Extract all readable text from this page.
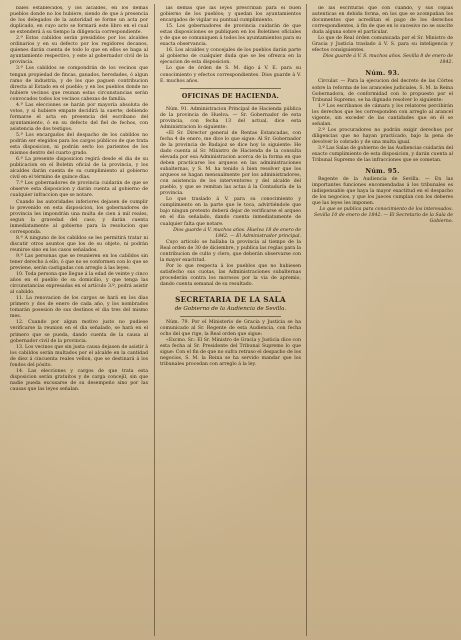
bales establecidos, y los alcaldes, en los demás pueblos donde no los hubiere, siendo de que á presencia de los delegados de la autoridad se forme un acta por duplicado, en cuyo acto se formará este libro en el cual se extenderá á su tiempo la diligencia correspondiente.

2.ª Estos cabildos serán presididos por los alcaldes ordinarios y en su defecto por los regidores decanos, quienes darán cuenta de todo lo que en ellos se haga al ayuntamiento respectivo, y este al gobernador civil de la provincia.

3.ª Los cabildos se compondrán de los vecinos que tengan propiedad de fincas, ganados, heredades, ó algun ramo de industria, y de los que paguen contribucion directa al Estado en el pueblo; y en los pueblos donde no hubiere vecinos que reunan estas circunstancias serán convocados todos los vecinos cabezas de familia.

4.ª Las elecciones se harán por mayoría absoluta de votos, y si hubiere empate decidirá la suerte; debiendo formarse el acta en presencia del escribano del ayuntamiento, ó en su defecto del fiel de fechos, con asistencia de dos testigos.

5.ª Los encargados del despacho de los cabildos no podrán ser elegidos para los cargos públicos de que trata esta disposicion, ni podrán serlo los parientes de los mismos dentro del cuarto grado.

6.ª La presente disposicion regirá desde el dia de su publicacion en el Boletin oficial de la provincia, y los alcaldes darán cuenta de su cumplimiento al gobierno civil en el término de quince dias.

7.ª Los gobernadores de provincia cuidarán de que se observe esta disposicion y darán cuenta al gobierno de cualquier infraccion que se notare.

Cuando las autoridades inferiores dejasen de cumplir lo prevenido en esta disposicion, los gobernadores de provincia les impondrán una multa de cien á mil reales, segun la gravedad del caso, y darán cuenta inmediatamente al gobierno para la resolucion que corresponda.

8.ª A ninguno de los cabildos se les permitirá tratar ni discutir otros asuntos que los de su objeto, ni podrán reunirse sino en los casos señalados.

9.ª Las personas que se reunieren en los cabildos sin tener derecho á ello, ó que no se conformen con lo que se previene, serán castigadas con arreglo á las leyes.

10. Toda persona que llegue á la edad de veinte y cinco años en el pueblo de su domicilio, y que tenga las circunstancias expresadas en el artículo 3.º, podrá asistir al cabildo.

11. La renovacion de los cargos se hará en los dias primero y dos de enero de cada año, y los nombrados tomarán posesion de sus destinos el dia tres del mismo mes.

12. Cuando por algun motivo justo no pudiese verificarse la reunion en el dia señalado, se hará en el primero que se pueda, dando cuenta de la causa al gobernador civil de la provincia.

13. Los vecinos que sin justa causa dejasen de asistir á los cabildos serán multados por el alcalde en la cantidad de diez á cincuenta reales vellon, que se destinará á los fondos del pósito.

14. Las elecciones y cargos de que trata esta disposicion serán gratuitos y de carga concejil, sin que nadie pueda excusarse de su desempeño sino por las causas que las leyes señalan.

las demás que las leyes prescriban para el buen gobierno de los pueblos; y quedan los ayuntamientos encargados de vigilar su puntual cumplimiento.

15. Los gobernadores de provincia cuidarán de que estas disposiciones se publiquen en los Boletines oficiales y de que se comuniquen á todos los ayuntamientos para su exacta observancia.

16. Los alcaldes y concejales de los pueblos darán parte al gobierno de cualquier duda que se les ofrezca en la ejecucion de esta disposicion.

Lo que de órden de S. M. digo á V. E. para su conocimiento y efectos correspondientes. Dios guarde á V. E. muchos años.

OFICINAS DE HACIENDA.

Núm. 91. Administracion Principal de Hacienda pública de la provincia de Huelva. — Sr. Gobernador de esta provincia, con fecha 13 del actual, dice esta Administracion lo siguiente:

«El Sr. Director general de Rentas Estancadas, con fecha 4 de enero, me dice lo que sigue: Al Sr. Gobernador de la provincia de Badajoz se dice hoy lo siguiente: He dado cuenta al Sr. Ministro de Hacienda de la consulta elevada por esa Administracion acerca de la forma en que deben practicarse los arqueos en las administraciones subalternas, y S. M. ha tenido á bien resolver que los arqueos se hagan mensualmente por los administradores, con asistencia de los interventores y del alcalde del pueblo, y que se remitan las actas á la Contaduría de la provincia.

Lo que traslado á V. para su conocimiento y cumplimiento en la parte que le toca, advirtiéndole que bajo ningun pretexto deberá dejar de verificarse el arqueo en el dia señalado, dando cuenta inmediatamente de cualquier falta que notare.

Dios guarde á V. muchos años. Huelva 18 de enero de 1842. — El Administrador principal.

Cuyo articulo se hallaba la provincia al tiempo de la Real orden de 30 de diciembre, y publica las reglas para la contribucion de culto y clero, que deberán observarse con la mayor exactitud.

Por lo que respecta á los pueblos que no hubiesen satisfecho sus cuotas, las Administraciones subalternas procederán contra los morosos por la via de apremio, dando cuenta semanal de su resultado.

SECRETARIA DE LA SALA

de Gobierno de la Audiencia de Sevilla.

Núm. 79. Por el Ministerio de Gracia y Justicia se ha comunicado al Sr. Regente de esta Audiencia, con fecha ocho del que rige, la Real orden que sigue:

«Excmo. Sr.: El Sr. Ministro de Gracia y Justicia dice con esta fecha al Sr. Presidente del Tribunal Supremo lo que sigue: Con el fin de que no sufra retraso el despacho de los negocios, S. M. la Reina se ha servido mandar que los tribunales procedan con arreglo á la ley.

de las escrituras que con cuando, y sus copias autenticas en debida forma, en los que se acompañan los documentos que acreditan el pago de los derechos correspondientes, á fin de que en lo sucesivo no se suscite duda alguna sobre el particular.

Lo que de Real órden comunicada por el Sr. Ministro de Gracia y Justicia traslado á V. S. para su inteligencia y efectos consiguientes.

Dios guarde á V. S. muchos años. Sevilla 8 de enero de 1842.

Núm. 93.

Circular. — Para la ejecucion del decreto de las Córtes sobre la reforma de los aranceles judiciales, S. M. la Reina Gobernadora, de conformidad con lo propuesto por el Tribunal Supremo, se ha dignado resolver lo siguiente:

1.º Los escribanos de cámara y los relatores percibirán los derechos que les corresponden con arreglo al arancel vigente, sin exceder de las cantidades que en él se señalan.

2.º Los procuradores no podrán exigir derechos por diligencias que no hayan practicado, bajo la pena de devolver lo cobrado y de una multa igual.

3.º Las Salas de gobierno de las Audiencias cuidarán del exacto cumplimiento de esta disposicion, y darán cuenta al Tribunal Supremo de las infracciones que se cometan.

Núm. 95.

Regente de la Audiencia de Sevilla. — En las importantes funciones encomendadas á los tribunales es indispensable que haya la mayor exactitud en el despacho de los negocios, y que los jueces cumplan con los deberes que las leyes les imponen.

Lo que se publica para conocimiento de los interesados. Sevilla 10 de enero de 1842. — El Secretario de la Sala de Gobierno.
